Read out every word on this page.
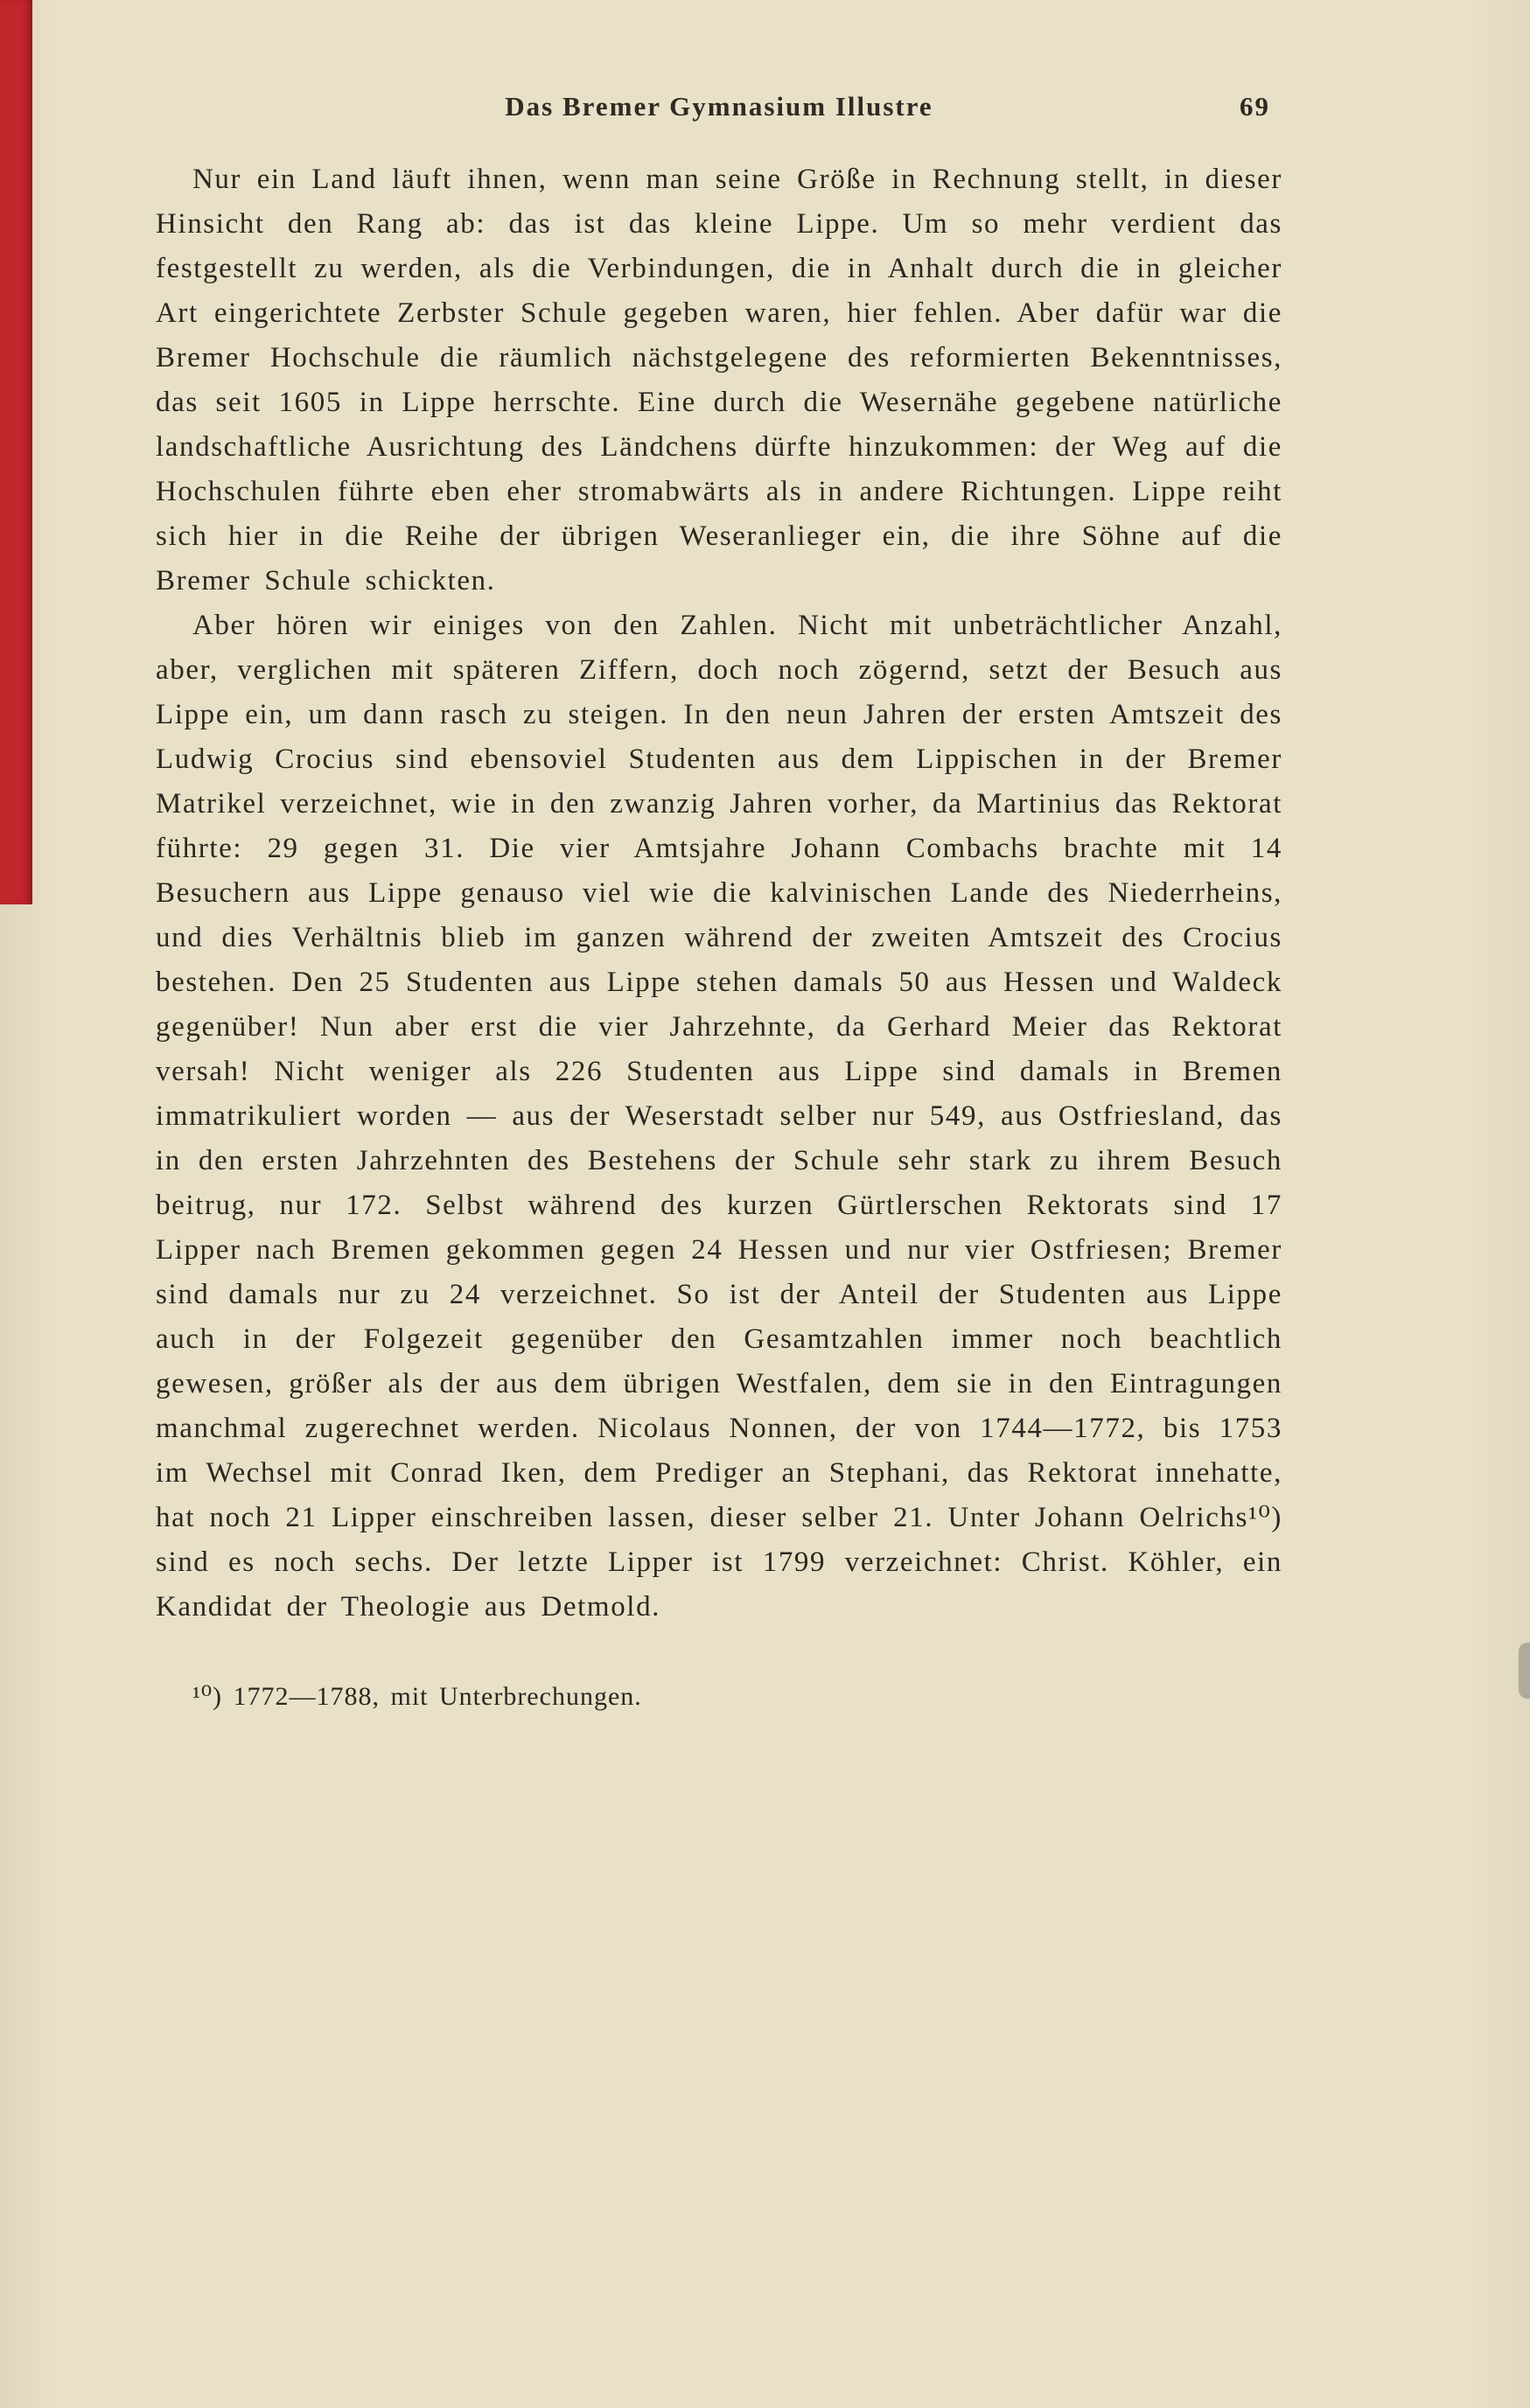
Das Bremer Gymnasium Illustre	69

Nur ein Land läuft ihnen, wenn man seine Größe in Rechnung stellt, in dieser Hinsicht den Rang ab: das ist das kleine Lippe. Um so mehr verdient das festgestellt zu werden, als die Verbindungen, die in Anhalt durch die in gleicher Art eingerichtete Zerbster Schule gegeben waren, hier fehlen. Aber dafür war die Bremer Hochschule die räumlich nächstgelegene des reformierten Bekenntnisses, das seit 1605 in Lippe herrschte. Eine durch die Wesernähe gegebene natürliche landschaftliche Ausrichtung des Ländchens dürfte hinzukommen: der Weg auf die Hochschulen führte eben eher stromabwärts als in andere Richtungen. Lippe reiht sich hier in die Reihe der übrigen Weseranlieger ein, die ihre Söhne auf die Bremer Schule schickten.

Aber hören wir einiges von den Zahlen. Nicht mit unbeträchtlicher Anzahl, aber, verglichen mit späteren Ziffern, doch noch zögernd, setzt der Besuch aus Lippe ein, um dann rasch zu steigen. In den neun Jahren der ersten Amtszeit des Ludwig Crocius sind ebensoviel Studenten aus dem Lippischen in der Bremer Matrikel verzeichnet, wie in den zwanzig Jahren vorher, da Martinius das Rektorat führte: 29 gegen 31. Die vier Amtsjahre Johann Combachs brachte mit 14 Besuchern aus Lippe genauso viel wie die kalvinischen Lande des Niederrheins, und dies Verhältnis blieb im ganzen während der zweiten Amtszeit des Crocius bestehen. Den 25 Studenten aus Lippe stehen damals 50 aus Hessen und Waldeck gegenüber! Nun aber erst die vier Jahrzehnte, da Gerhard Meier das Rektorat versah! Nicht weniger als 226 Studenten aus Lippe sind damals in Bremen immatrikuliert worden — aus der Weserstadt selber nur 549, aus Ostfriesland, das in den ersten Jahrzehnten des Bestehens der Schule sehr stark zu ihrem Besuch beitrug, nur 172. Selbst während des kurzen Gürtlerschen Rektorats sind 17 Lipper nach Bremen gekommen gegen 24 Hessen und nur vier Ostfriesen; Bremer sind damals nur zu 24 verzeichnet. So ist der Anteil der Studenten aus Lippe auch in der Folgezeit gegenüber den Gesamtzahlen immer noch beachtlich gewesen, größer als der aus dem übrigen Westfalen, dem sie in den Eintragungen manchmal zugerechnet werden. Nicolaus Nonnen, der von 1744—1772, bis 1753 im Wechsel mit Conrad Iken, dem Prediger an Stephani, das Rektorat innehatte, hat noch 21 Lipper einschreiben lassen, dieser selber 21. Unter Johann Oelrichs¹⁰) sind es noch sechs. Der letzte Lipper ist 1799 verzeichnet: Christ. Köhler, ein Kandidat der Theologie aus Detmold.

¹⁰) 1772—1788, mit Unterbrechungen.
